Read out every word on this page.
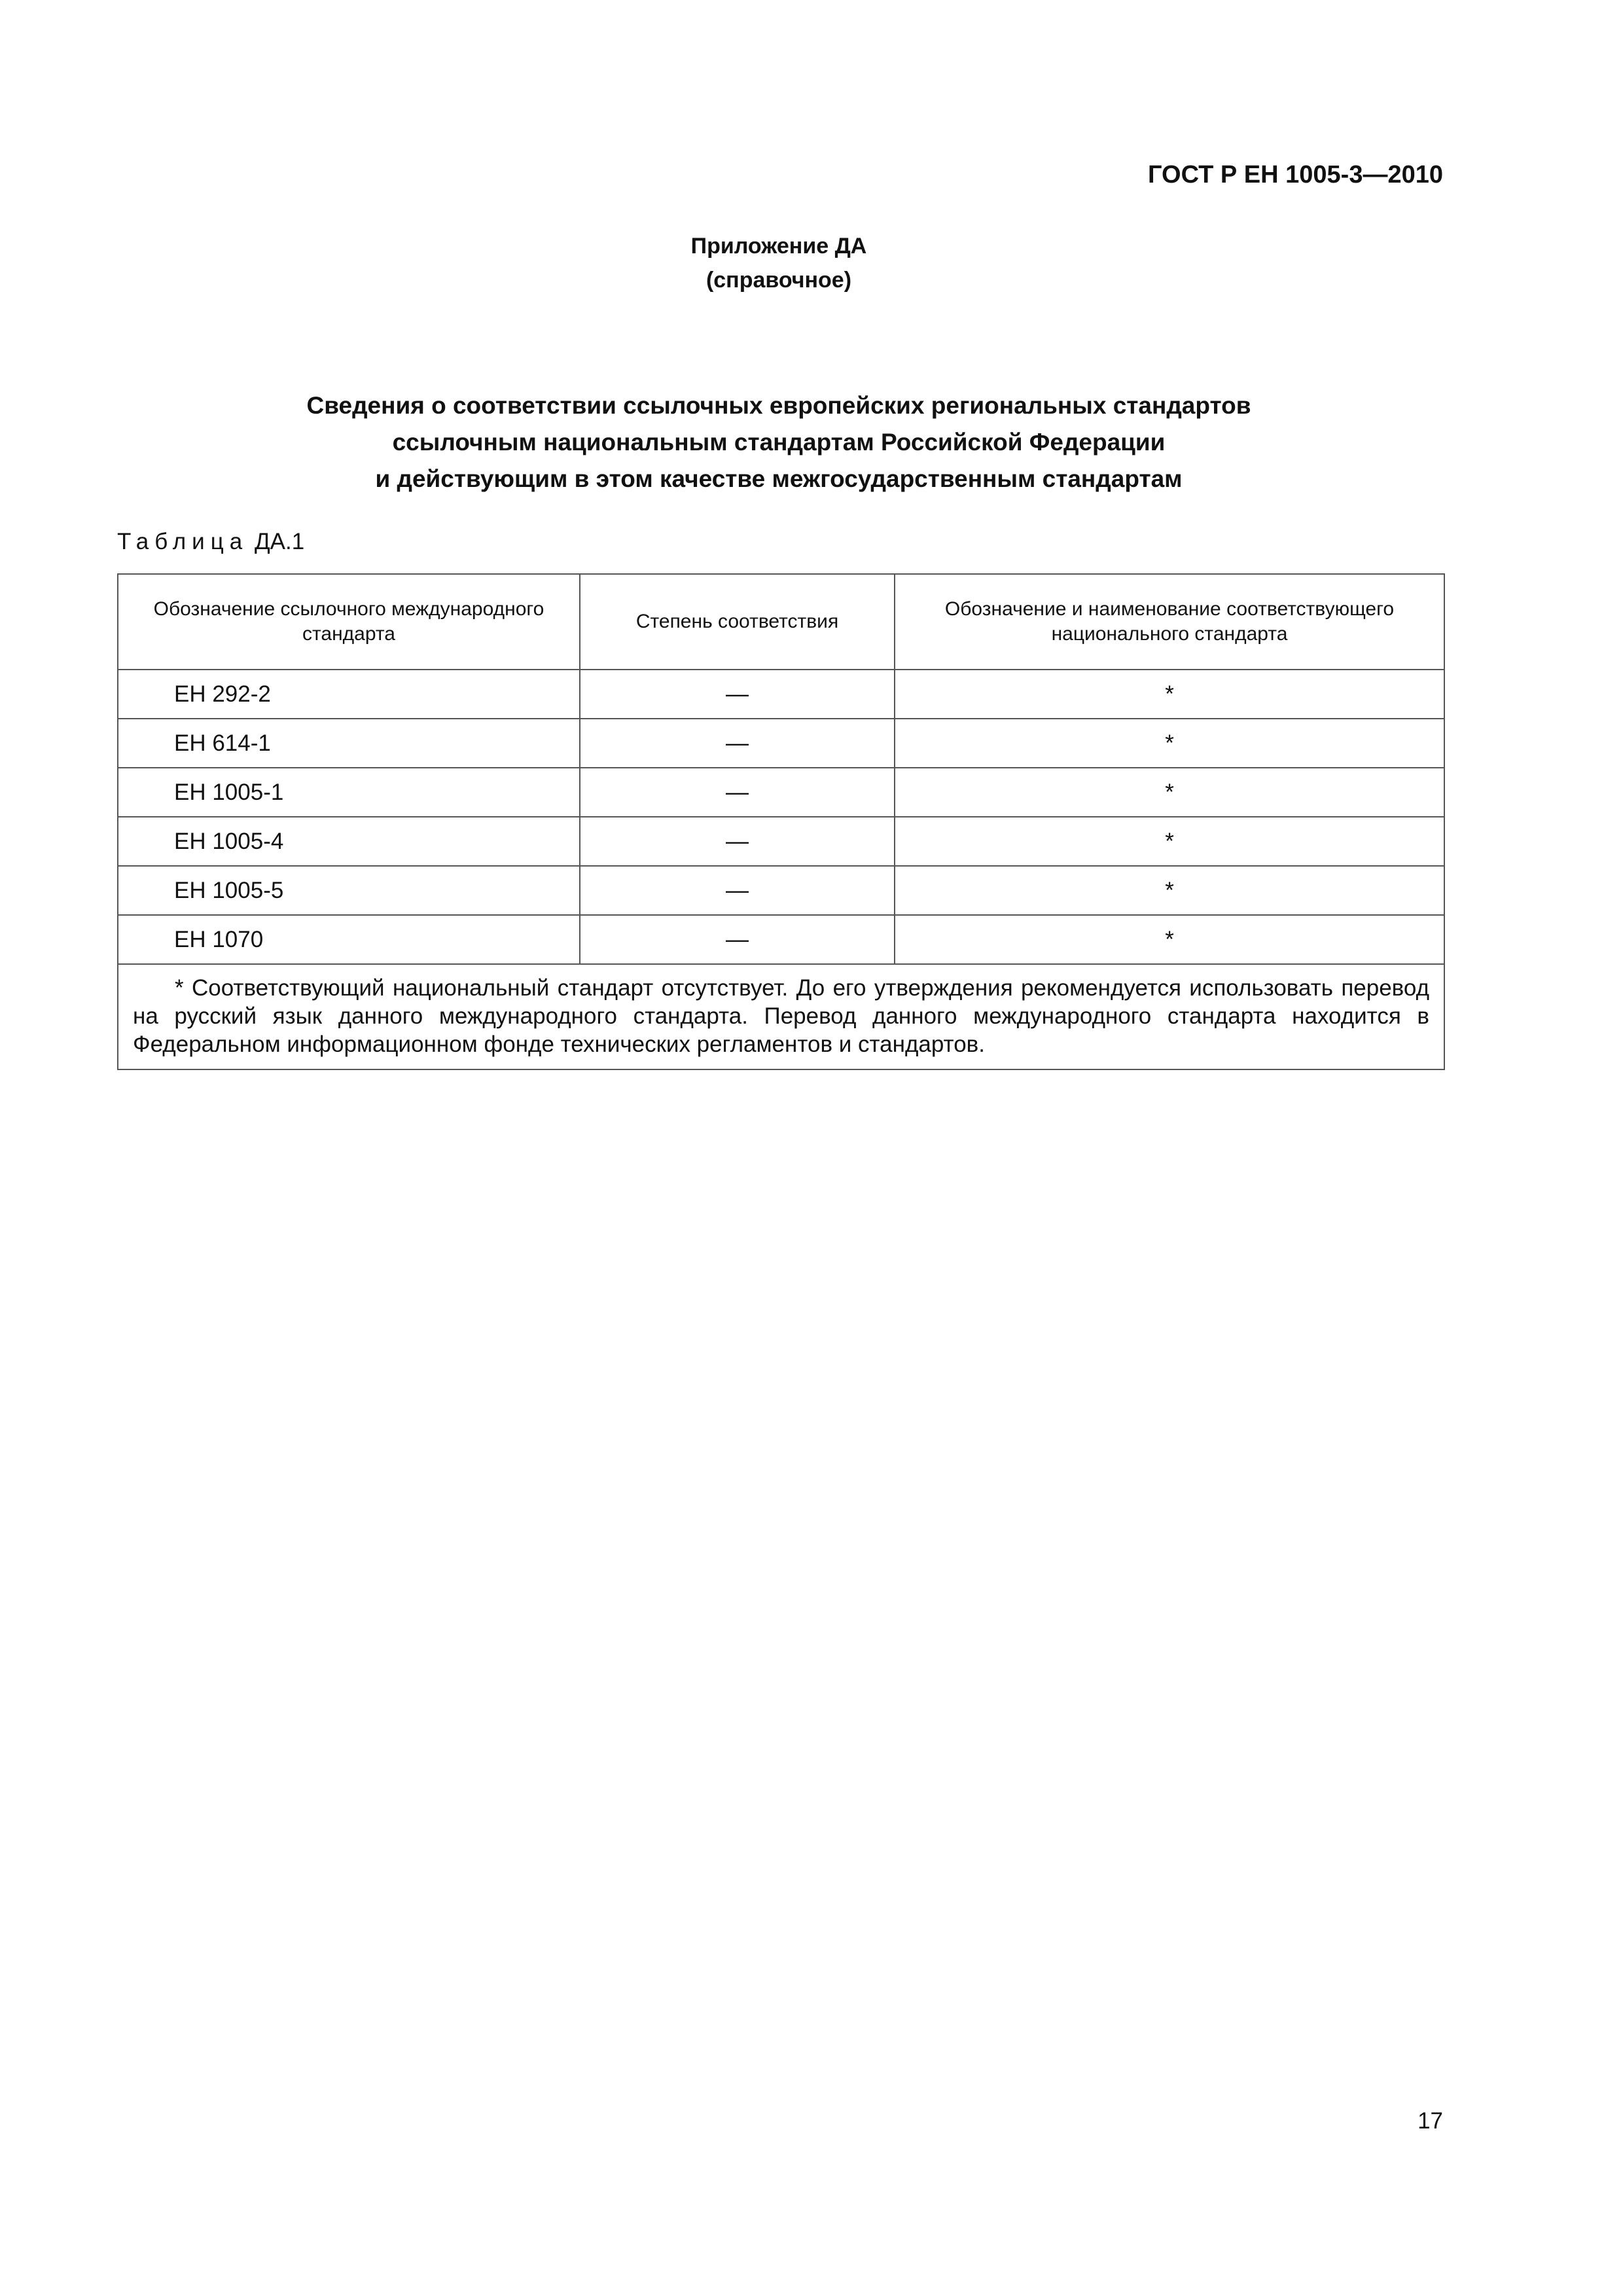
ГОСТ Р ЕН 1005-3—2010
Приложение ДА
(справочное)
Сведения о соответствии ссылочных европейских региональных стандартов
ссылочным национальным стандартам Российской Федерации
и действующим в этом качестве межгосударственным стандартам
Таблица ДА.1
Обозначение ссылочного международного стандарта	Степень соответствия	Обозначение и наименование соответствующего национального стандарта
ЕН 292-2	—	*
ЕН 614-1	—	*
ЕН 1005-1	—	*
ЕН 1005-4	—	*
ЕН 1005-5	—	*
ЕН 1070	—	*
* Соответствующий национальный стандарт отсутствует. До его утверждения рекомендуется использовать перевод на русский язык данного международного стандарта. Перевод данного международного стандарта находится в Федеральном информационном фонде технических регламентов и стандартов.		
17
